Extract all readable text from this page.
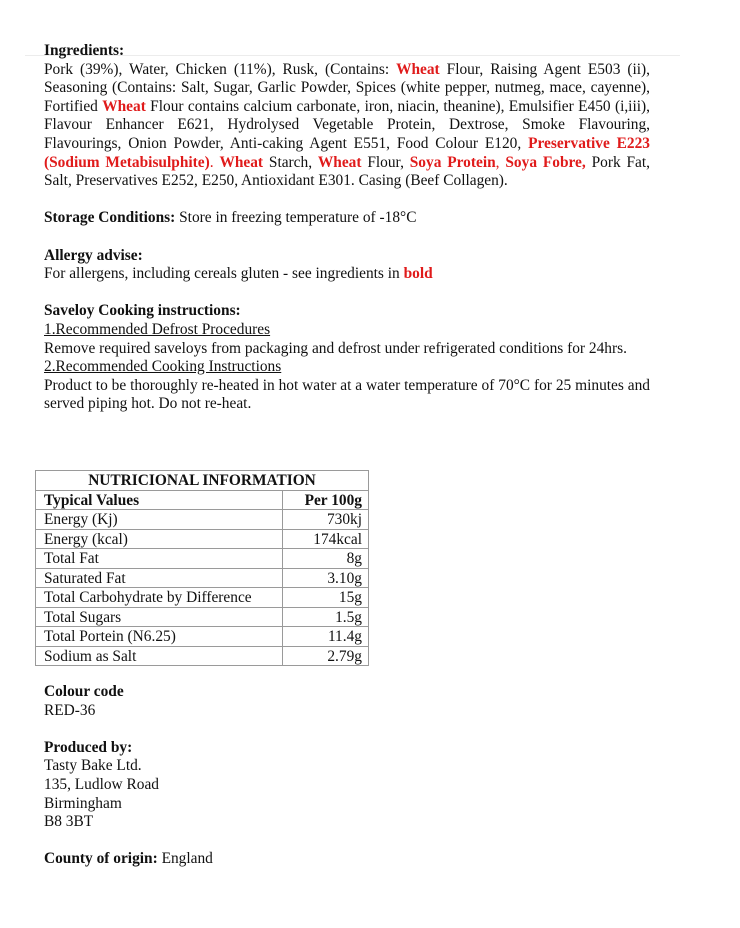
Ingredients:

Pork (39%), Water, Chicken (11%), Rusk, (Contains: Wheat Flour, Raising Agent E503 (ii), Seasoning (Contains: Salt, Sugar, Garlic Powder, Spices (white pepper, nutmeg, mace, cayenne), Fortified Wheat Flour contains calcium carbonate, iron, niacin, theanine), Emulsifier E450 (i,iii), Flavour Enhancer E621, Hydrolysed Vegetable Protein, Dextrose, Smoke Flavouring, Flavourings, Onion Powder, Anti-caking Agent E551, Food Colour E120, Preservative E223 (Sodium Metabisulphite). Wheat Starch, Wheat Flour, Soya Protein, Soya Fobre, Pork Fat, Salt, Preservatives E252, E250, Antioxidant E301. Casing (Beef Collagen).

Storage Conditions: Store in freezing temperature of -18°C

Allergy advise:

For allergens, including cereals gluten - see ingredients in bold

Saveloy Cooking instructions:

1.Recommended Defrost Procedures

Remove required saveloys from packaging and defrost under refrigerated conditions for 24hrs.

2.Recommended Cooking Instructions

Product to be thoroughly re-heated in hot water at a water temperature of 70°C for 25 minutes and served piping hot. Do not re-heat.

NUTRICIONAL INFORMATION	
Typical Values	Per 100g
Energy (Kj)	730kj
Energy (kcal)	174kcal
Total Fat	8g
Saturated Fat	3.10g
Total Carbohydrate by Difference	15g
Total Sugars	1.5g
Total Portein (N6.25)	11.4g
Sodium as Salt	2.79g

Colour code

RED-36

Produced by:

Tasty Bake Ltd.

135, Ludlow Road

Birmingham

B8 3BT

County of origin: England
